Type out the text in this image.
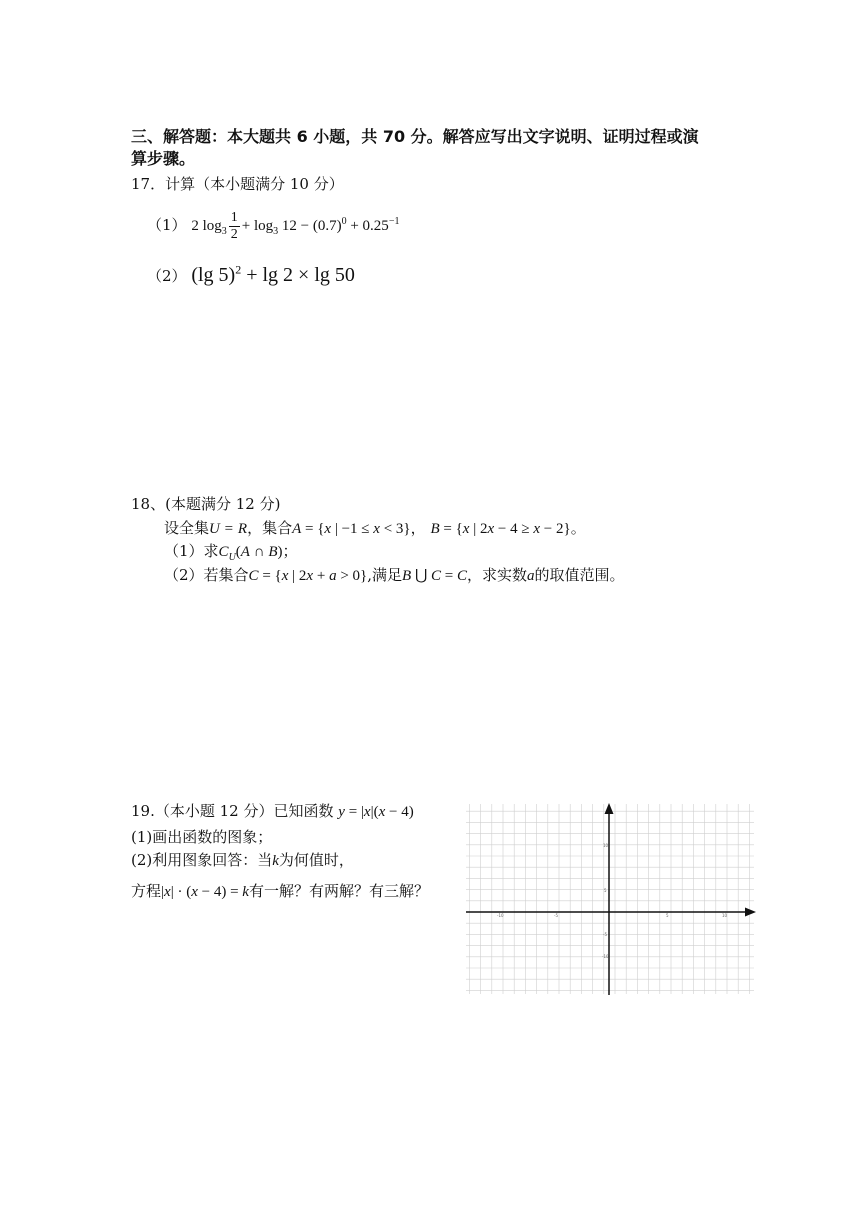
三、解答题：本大题共 6 小题，共 70 分。解答应写出文字说明、证明过程或演
算步骤。
17．计算（本小题满分 10 分）
（1） 2 $\log_3 \frac{1}{2} + \log_3 12 - (0.7)^0 + 0.25^{-1}$
（2） (lg 5)$^2$ + lg 2 × lg 50
18、(本题满分 12 分)
设全集U = R，集合A = {x | −1 ≤ x < 3}， B = {x | 2x − 4 ≥ x − 2}。
（1）求$C_U(A$ ∩ B)；
（2）若集合C = {x | 2x + a > 0},满足B ⋃ C = C，求实数a的取值范围。
19.（本小题 12 分）已知函数 y = |x|(x − 4)
(1)画出函数的图象；
(2)利用图象回答：当k为何值时，
方程|x| · (x − 4) = k有一解？有两解？有三解？
-10	-5	5	10
10
5
-5
-10
